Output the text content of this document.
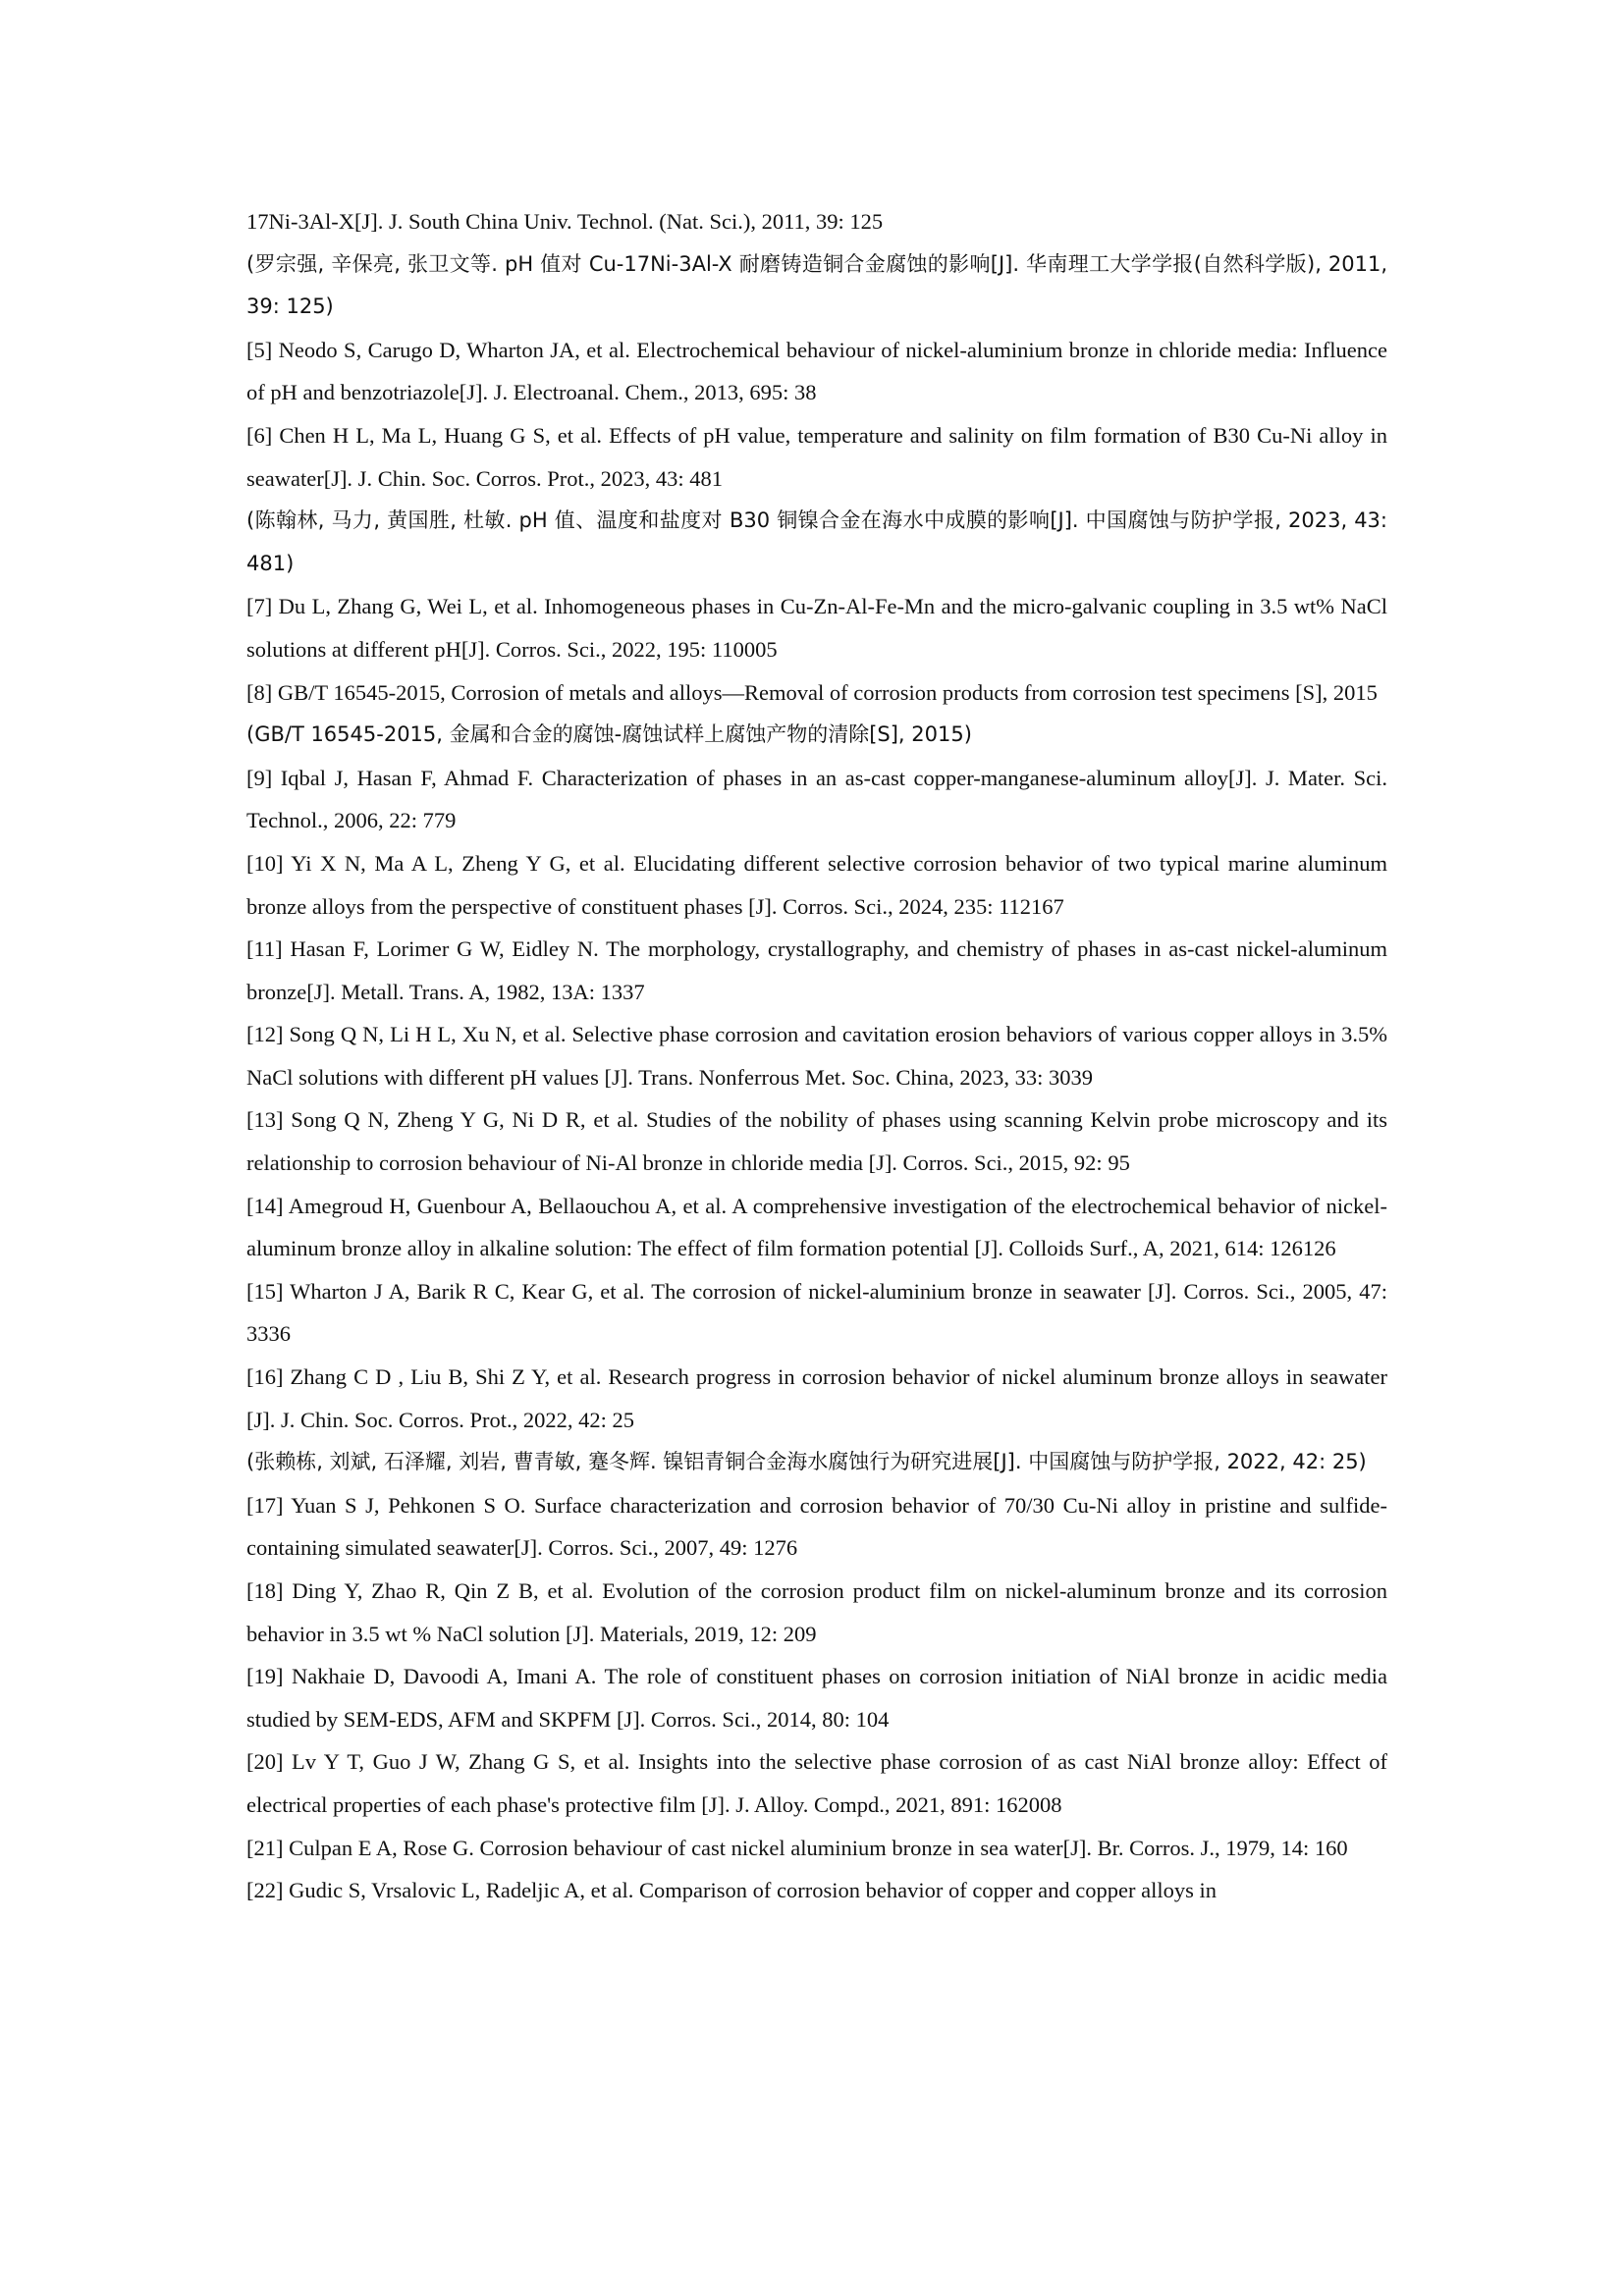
17Ni-3Al-X[J]. J. South China Univ. Technol. (Nat. Sci.), 2011, 39: 125

(罗宗强, 辛保亮, 张卫文等. pH 值对 Cu-17Ni-3Al-X 耐磨铸造铜合金腐蚀的影响[J]. 华南理工大学学报(自然科学版), 2011, 39: 125)

[5] Neodo S, Carugo D, Wharton JA, et al. Electrochemical behaviour of nickel-aluminium bronze in chloride media: Influence of pH and benzotriazole[J]. J. Electroanal. Chem., 2013, 695: 38

[6] Chen H L, Ma L, Huang G S, et al. Effects of pH value, temperature and salinity on film formation of B30 Cu-Ni alloy in seawater[J]. J. Chin. Soc. Corros. Prot., 2023, 43: 481

(陈翰林, 马力, 黄国胜, 杜敏. pH 值、温度和盐度对 B30 铜镍合金在海水中成膜的影响[J]. 中国腐蚀与防护学报, 2023, 43: 481)

[7] Du L, Zhang G, Wei L, et al. Inhomogeneous phases in Cu-Zn-Al-Fe-Mn and the micro-galvanic coupling in 3.5 wt% NaCl solutions at different pH[J]. Corros. Sci., 2022, 195: 110005

[8] GB/T 16545-2015, Corrosion of metals and alloys—Removal of corrosion products from corrosion test specimens [S], 2015

(GB/T 16545-2015, 金属和合金的腐蚀-腐蚀试样上腐蚀产物的清除[S], 2015)

[9] Iqbal J, Hasan F, Ahmad F. Characterization of phases in an as-cast copper-manganese-aluminum alloy[J]. J. Mater. Sci. Technol., 2006, 22: 779

[10] Yi X N, Ma A L, Zheng Y G, et al. Elucidating different selective corrosion behavior of two typical marine aluminum bronze alloys from the perspective of constituent phases [J]. Corros. Sci., 2024, 235: 112167

[11] Hasan F, Lorimer G W, Eidley N. The morphology, crystallography, and chemistry of phases in as-cast nickel-aluminum bronze[J]. Metall. Trans. A, 1982, 13A: 1337

[12] Song Q N, Li H L, Xu N, et al. Selective phase corrosion and cavitation erosion behaviors of various copper alloys in 3.5% NaCl solutions with different pH values [J]. Trans. Nonferrous Met. Soc. China, 2023, 33: 3039

[13] Song Q N, Zheng Y G, Ni D R, et al. Studies of the nobility of phases using scanning Kelvin probe microscopy and its relationship to corrosion behaviour of Ni-Al bronze in chloride media [J]. Corros. Sci., 2015, 92: 95

[14] Amegroud H, Guenbour A, Bellaouchou A, et al. A comprehensive investigation of the electrochemical behavior of nickel-aluminum bronze alloy in alkaline solution: The effect of film formation potential [J]. Colloids Surf., A, 2021, 614: 126126

[15] Wharton J A, Barik R C, Kear G, et al. The corrosion of nickel-aluminium bronze in seawater [J]. Corros. Sci., 2005, 47: 3336

[16] Zhang C D , Liu B, Shi Z Y, et al. Research progress in corrosion behavior of nickel aluminum bronze alloys in seawater [J]. J. Chin. Soc. Corros. Prot., 2022, 42: 25

(张赖栋, 刘斌, 石泽耀, 刘岩, 曹青敏, 蹇冬辉. 镍铝青铜合金海水腐蚀行为研究进展[J]. 中国腐蚀与防护学报, 2022, 42: 25)

[17] Yuan S J, Pehkonen S O. Surface characterization and corrosion behavior of 70/30 Cu-Ni alloy in pristine and sulfide-containing simulated seawater[J]. Corros. Sci., 2007, 49: 1276

[18] Ding Y, Zhao R, Qin Z B, et al. Evolution of the corrosion product film on nickel-aluminum bronze and its corrosion behavior in 3.5 wt % NaCl solution [J]. Materials, 2019, 12: 209

[19] Nakhaie D, Davoodi A, Imani A. The role of constituent phases on corrosion initiation of NiAl bronze in acidic media studied by SEM-EDS, AFM and SKPFM [J]. Corros. Sci., 2014, 80: 104

[20] Lv Y T, Guo J W, Zhang G S, et al. Insights into the selective phase corrosion of as cast NiAl bronze alloy: Effect of electrical properties of each phase's protective film [J]. J. Alloy. Compd., 2021, 891: 162008

[21] Culpan E A, Rose G. Corrosion behaviour of cast nickel aluminium bronze in sea water[J]. Br. Corros. J., 1979, 14: 160

[22] Gudic S, Vrsalovic L, Radeljic A, et al. Comparison of corrosion behavior of copper and copper alloys in
